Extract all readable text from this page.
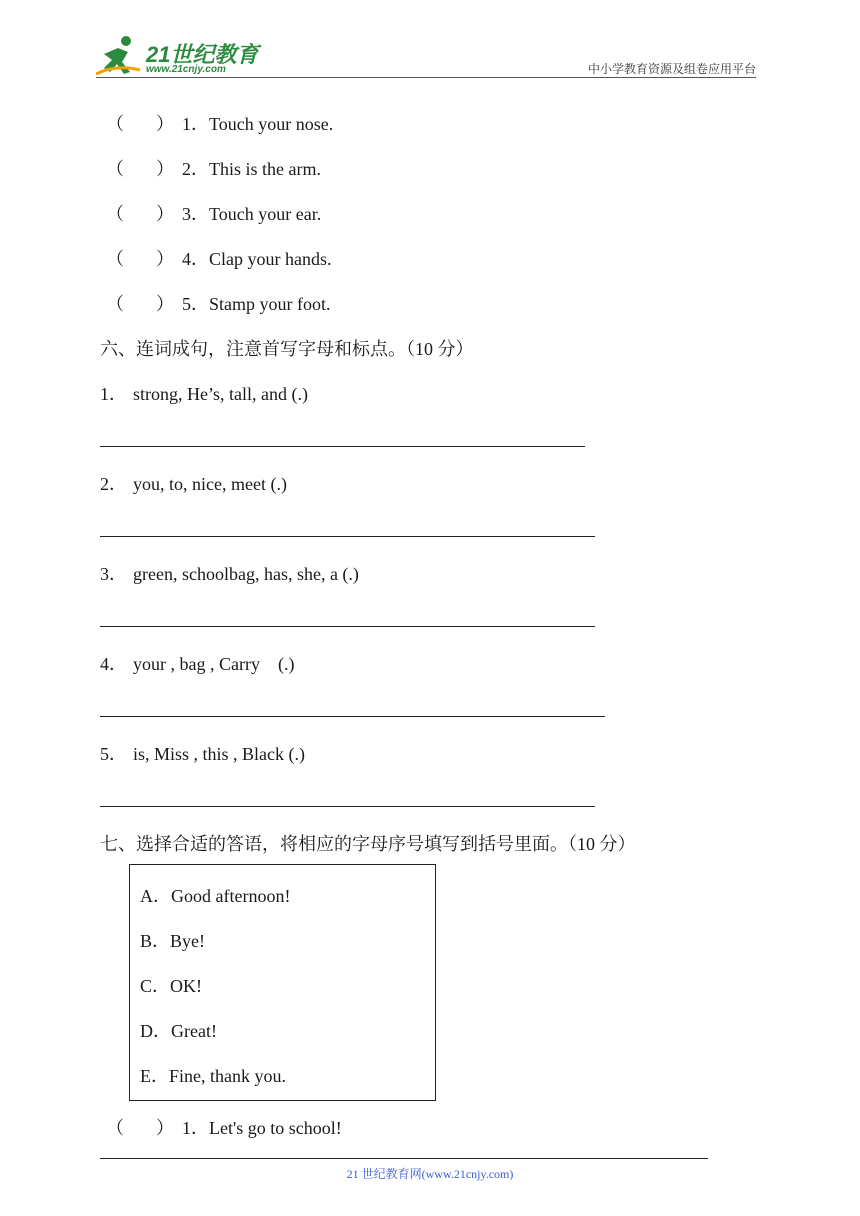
21世纪教育
www.21cnjy.com	中小学教育资源及组卷应用平台
（ ） 1．Touch your nose.
（ ） 2．This is the arm.
（ ） 3．Touch your ear.
（ ） 4．Clap your hands.
（ ） 5．Stamp your foot.
六、连词成句，注意首写字母和标点。（10 分）
1． strong, He’s, tall, and (.)
2． you, to, nice, meet (.)
3． green, schoolbag, has, she, a (.)
4． your , bag , Carry    (.)
5． is, Miss , this , Black (.)
七、选择合适的答语，将相应的字母序号填写到括号里面。（10 分）
A．Good afternoon!
B．Bye!
C．OK!
D．Great!
E．Fine, thank you.
（ ） 1．Let's go to school!
21 世纪教育网(www.21cnjy.com)
